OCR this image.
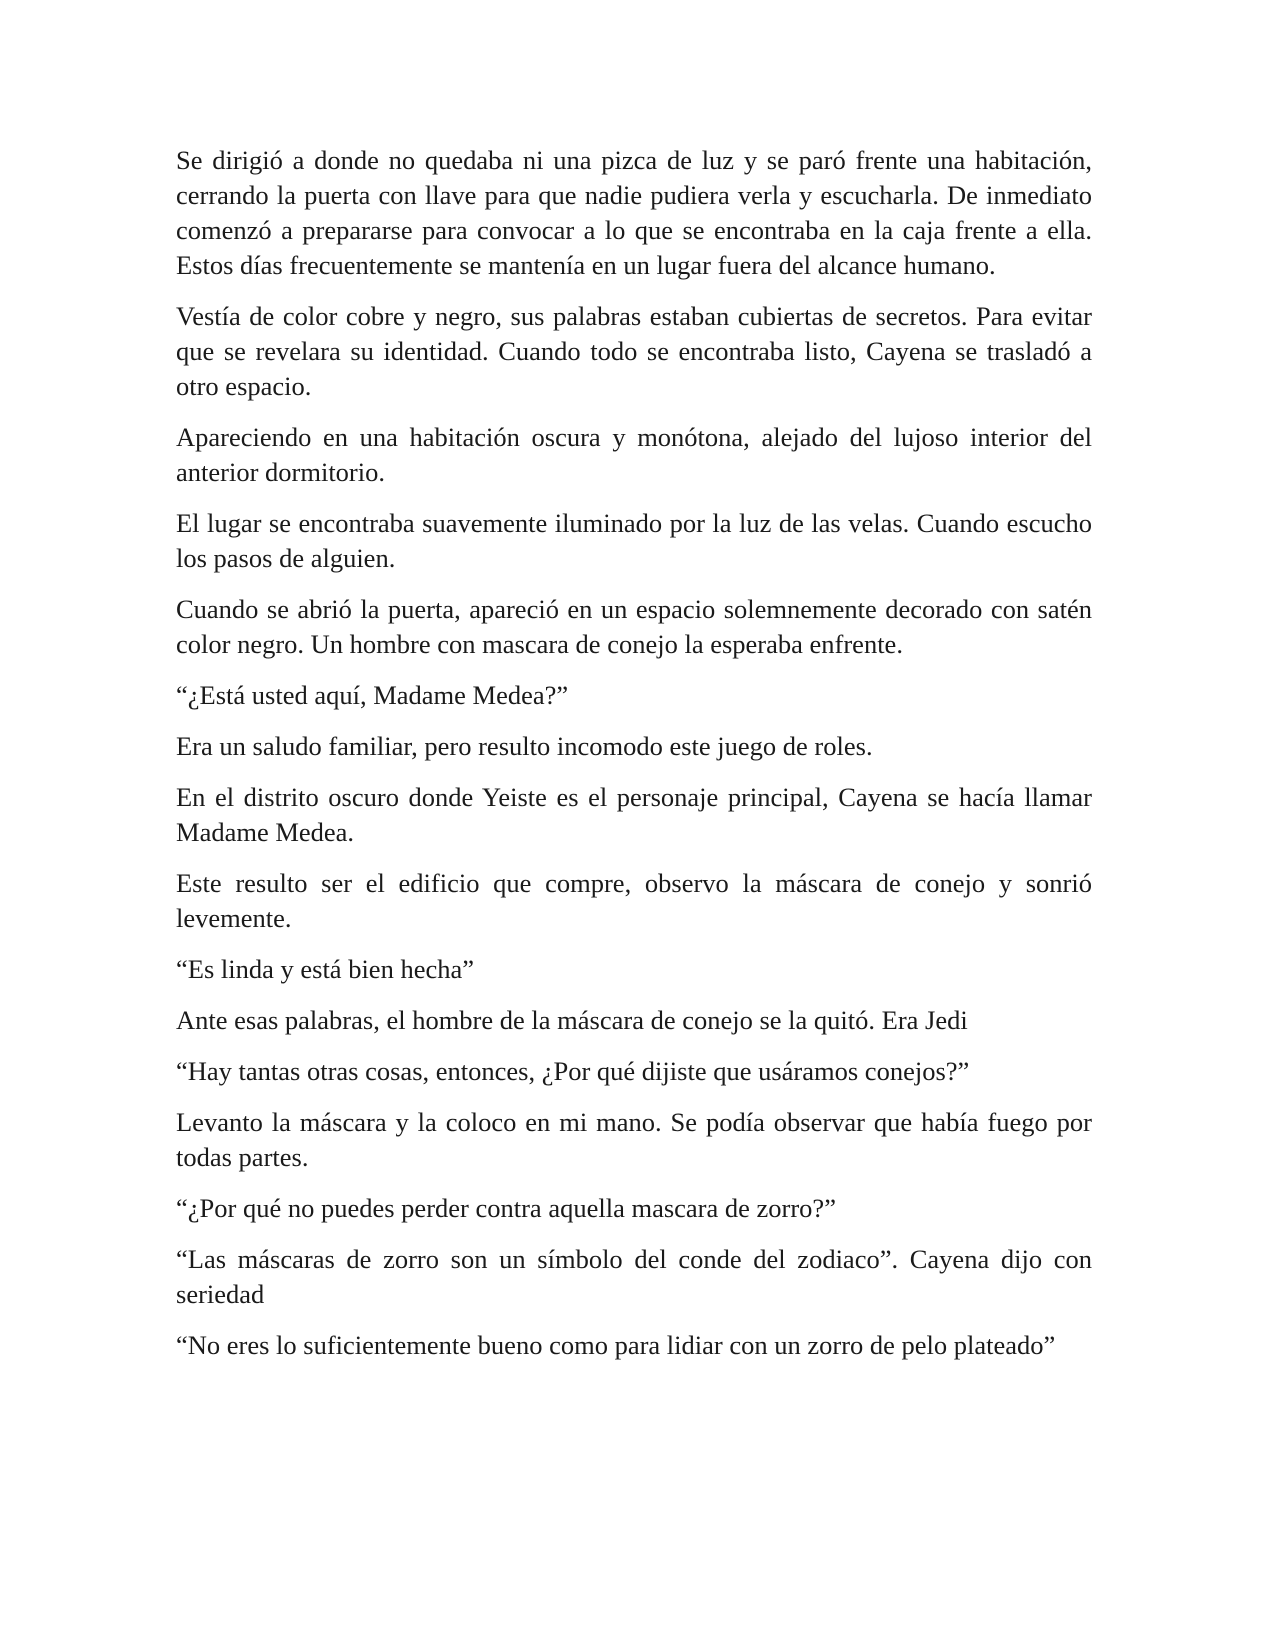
Se dirigió a donde no quedaba ni una pizca de luz y se paró frente una habitación, cerrando la puerta con llave para que nadie pudiera verla y escucharla. De inmediato comenzó a prepararse para convocar a lo que se encontraba en la caja frente a ella. Estos días frecuentemente se mantenía en un lugar fuera del alcance humano.

Vestía de color cobre y negro, sus palabras estaban cubiertas de secretos. Para evitar que se revelara su identidad. Cuando todo se encontraba listo, Cayena se trasladó a otro espacio.

Apareciendo en una habitación oscura y monótona, alejado del lujoso interior del anterior dormitorio.

El lugar se encontraba suavemente iluminado por la luz de las velas. Cuando escucho los pasos de alguien.

Cuando se abrió la puerta, apareció en un espacio solemnemente decorado con satén color negro. Un hombre con mascara de conejo la esperaba enfrente.

“¿Está usted aquí, Madame Medea?”

Era un saludo familiar, pero resulto incomodo este juego de roles.

En el distrito oscuro donde Yeiste es el personaje principal, Cayena se hacía llamar Madame Medea.

Este resulto ser el edificio que compre, observo la máscara de conejo y sonrió levemente.

“Es linda y está bien hecha”

Ante esas palabras, el hombre de la máscara de conejo se la quitó. Era Jedi

“Hay tantas otras cosas, entonces, ¿Por qué dijiste que usáramos conejos?”

Levanto la máscara y la coloco en mi mano. Se podía observar que había fuego por todas partes.

“¿Por qué no puedes perder contra aquella mascara de zorro?”

“Las máscaras de zorro son un símbolo del conde del zodiaco”. Cayena dijo con seriedad

“No eres lo suficientemente bueno como para lidiar con un zorro de pelo plateado”
